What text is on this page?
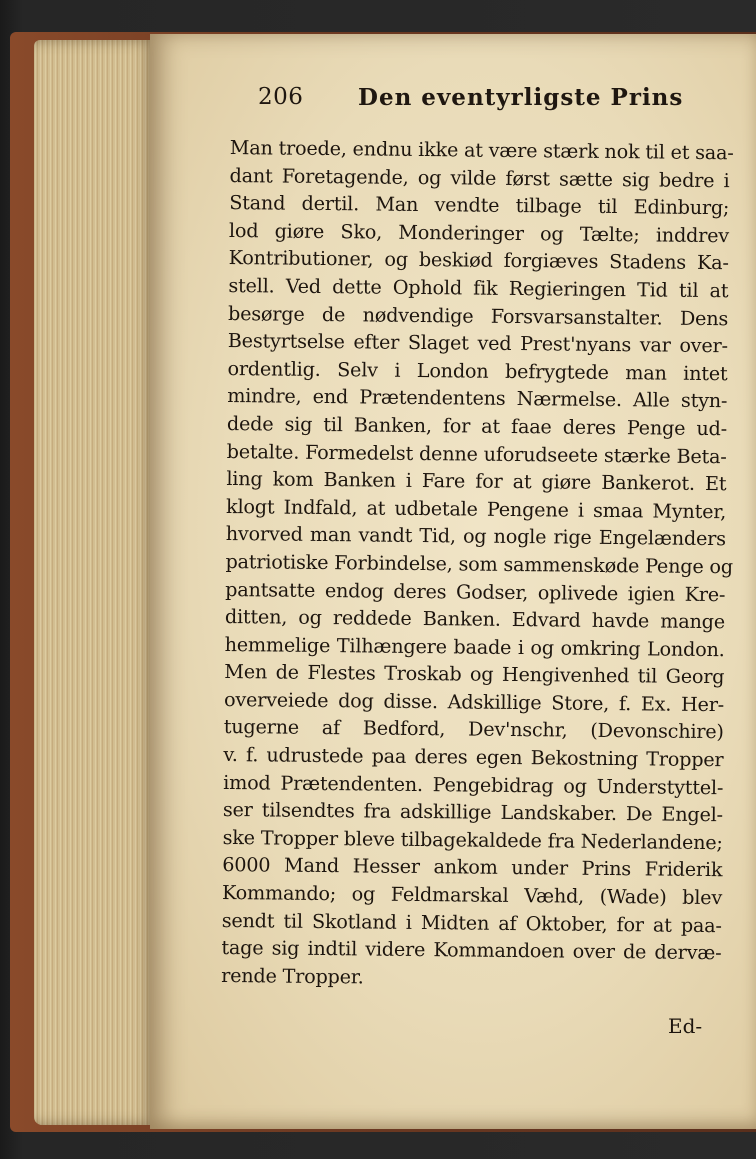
206 Den eventyrligste Prins
Man troede, endnu ikke at være stærk nok til et saa-
dant Foretagende, og vilde først sætte sig bedre i
Stand dertil. Man vendte tilbage til Edinburg;
lod giøre Sko, Monderinger og Tælte; inddrev
Kontributioner, og beskiød forgiæves Stadens Ka-
stell. Ved dette Ophold fik Regieringen Tid til at
besørge de nødvendige Forsvarsanstalter. Dens
Bestyrtselse efter Slaget ved Prest'nyans var over-
ordentlig. Selv i London befrygtede man intet
mindre, end Prætendentens Nærmelse. Alle styn-
dede sig til Banken, for at faae deres Penge ud-
betalte. Formedelst denne uforudseete stærke Beta-
ling kom Banken i Fare for at giøre Bankerot. Et
klogt Indfald, at udbetale Pengene i smaa Mynter,
hvorved man vandt Tid, og nogle rige Engelænders
patriotiske Forbindelse, som sammenskøde Penge og
pantsatte endog deres Godser, oplivede igien Kre-
ditten, og reddede Banken. Edvard havde mange
hemmelige Tilhængere baade i og omkring London.
Men de Flestes Troskab og Hengivenhed til Georg
overveiede dog disse. Adskillige Store, f. Ex. Her-
tugerne af Bedford, Dev'nschr, (Devonschire)
v. f. udrustede paa deres egen Bekostning Tropper
imod Prætendenten. Pengebidrag og Understyttel-
ser tilsendtes fra adskillige Landskaber. De Engel-
ske Tropper bleve tilbagekaldede fra Nederlandene;
6000 Mand Hesser ankom under Prins Friderik
Kommando; og Feldmarskal Væhd, (Wade) blev
sendt til Skotland i Midten af Oktober, for at paa-
tage sig indtil videre Kommandoen over de dervæ-
rende Tropper.
Ed-
